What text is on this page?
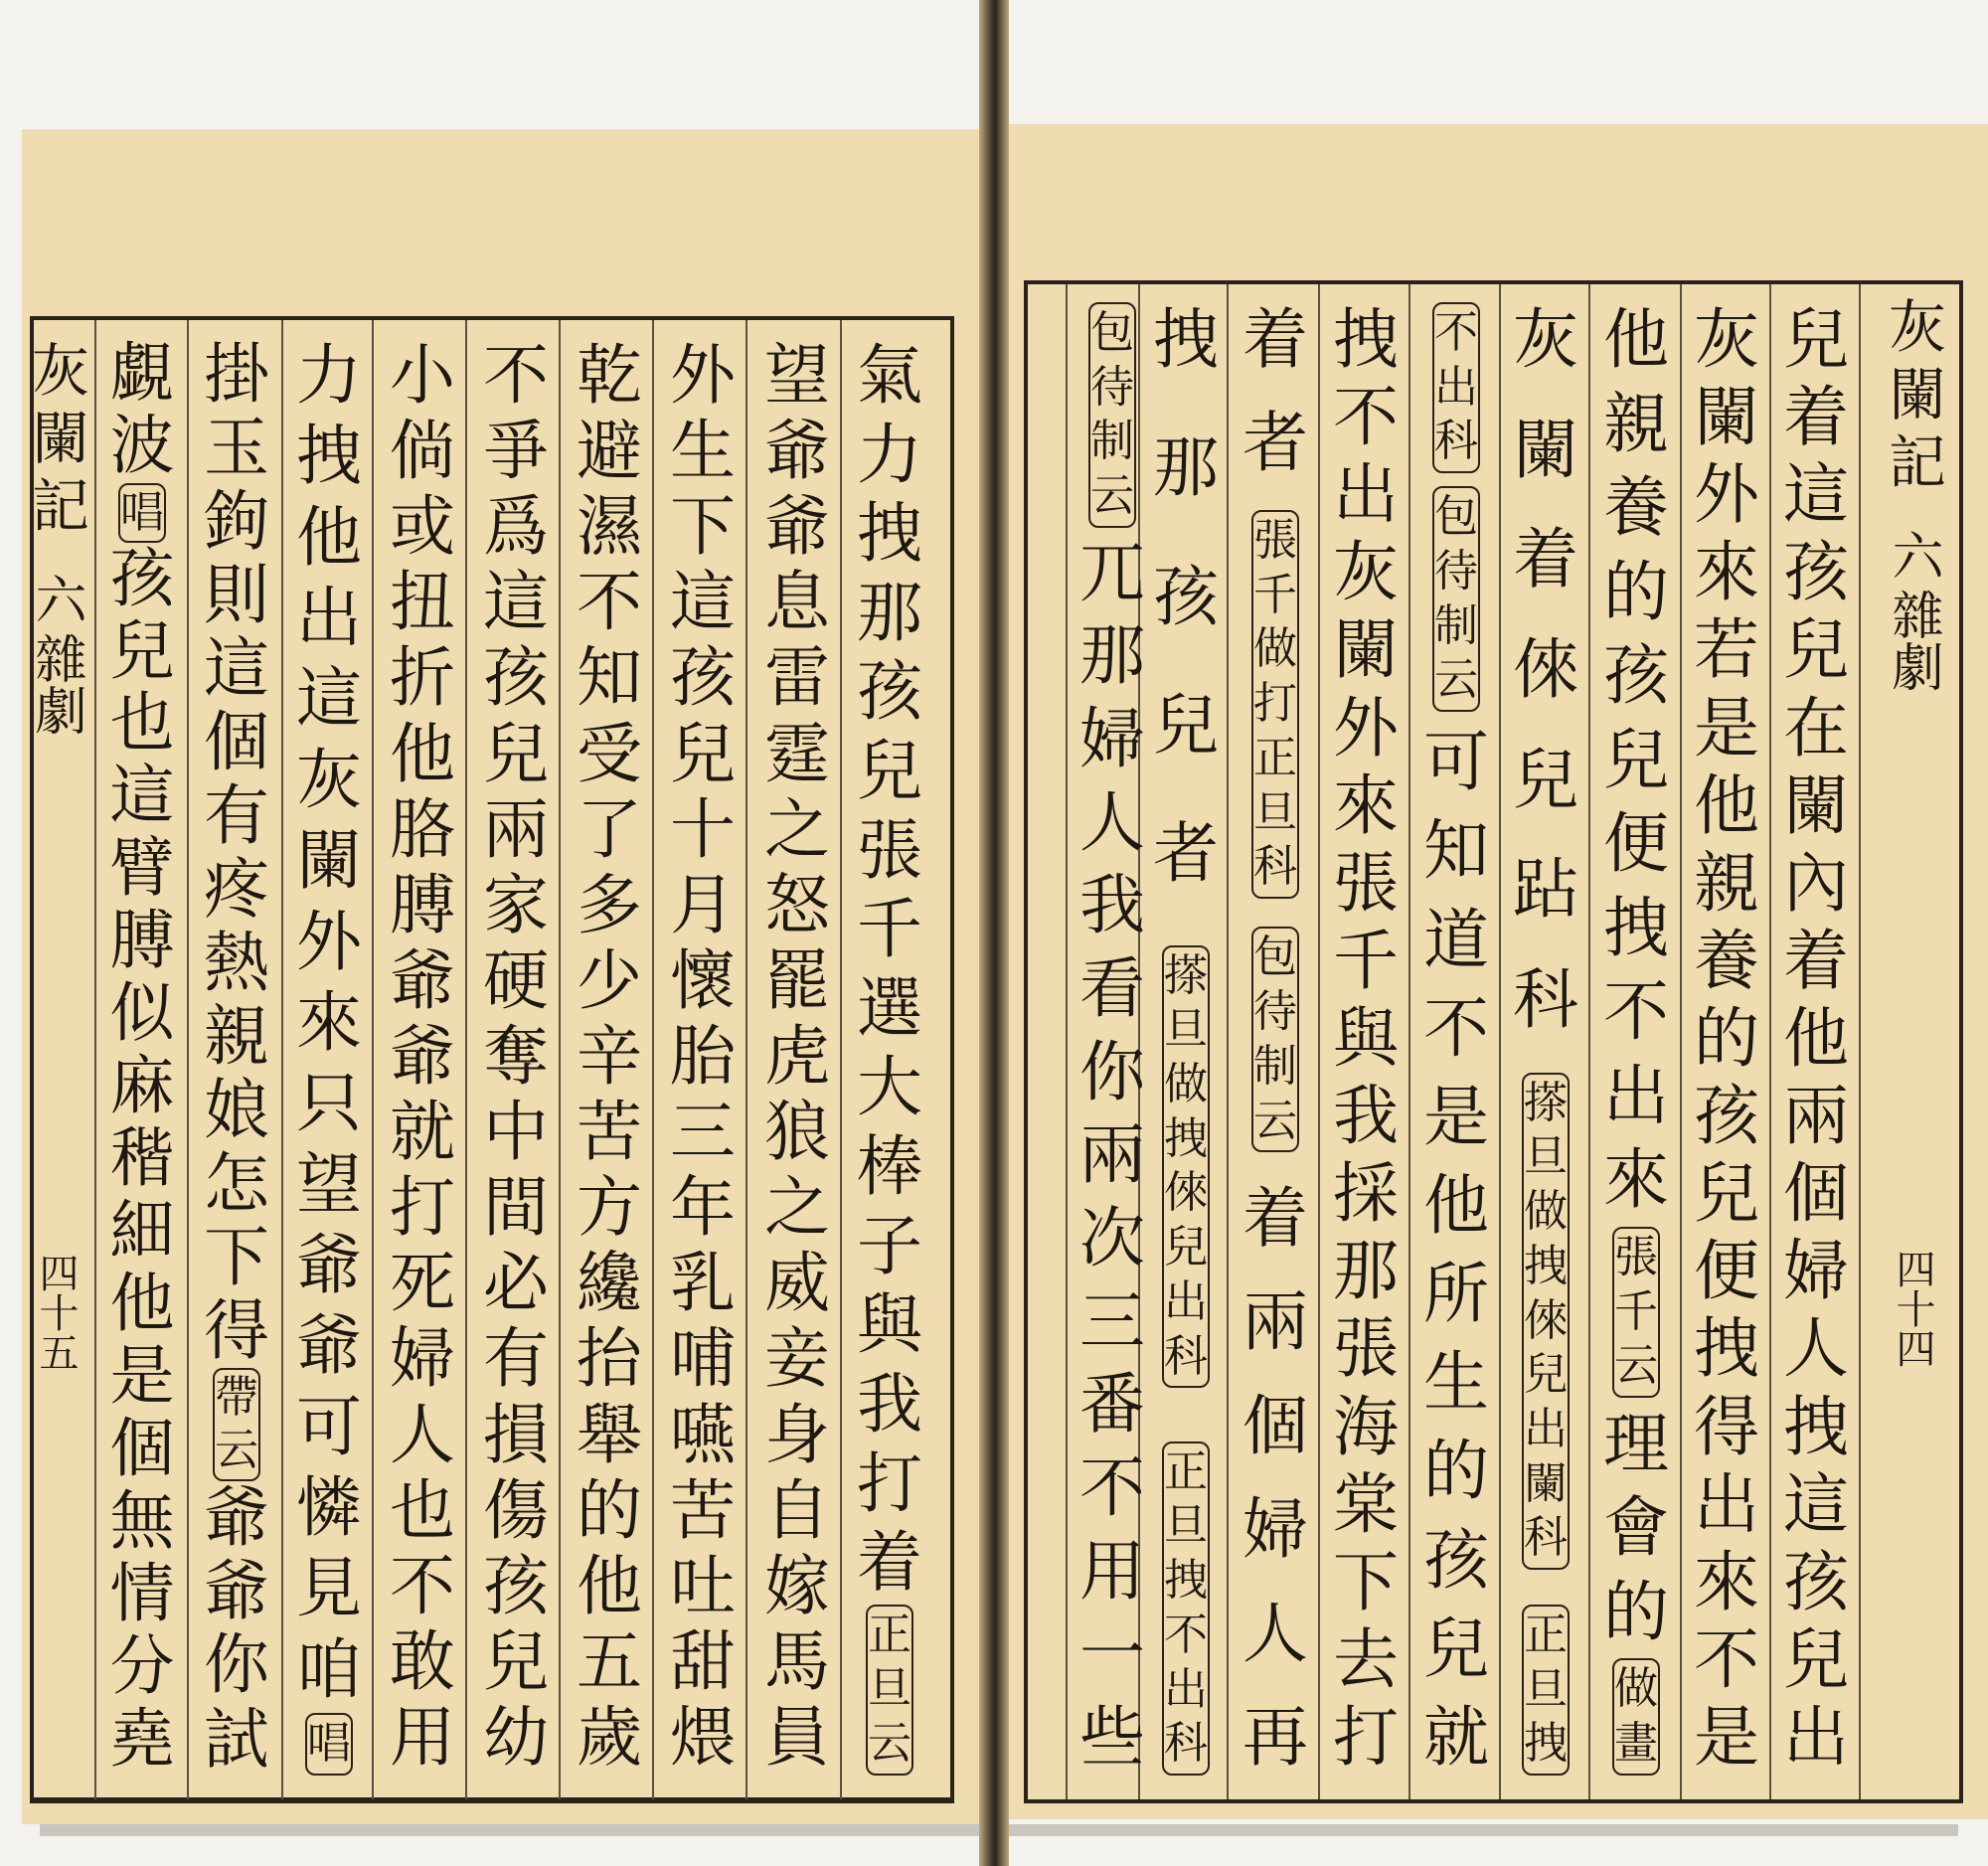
灰闌記
六
雜劇
四十五
氣
力
拽
那
孩
兒
張
千
選
大
棒
子
與
我
打
着
正
旦
云
望
爺
爺
息
雷
霆
之
怒
罷
虎
狼
之
威
妾
身
自
嫁
馬
員
外
生
下
這
孩
兒
十
月
懷
胎
三
年
乳
哺
嚥
苦
吐
甜
煨
乾
避
濕
不
知
受
了
多
少
辛
苦
方
纔
抬
舉
的
他
五
歲
不
爭
爲
這
孩
兒
兩
家
硬
奪
中
間
必
有
損
傷
孩
兒
幼
小
倘
或
扭
折
他
胳
膊
爺
爺
就
打
死
婦
人
也
不
敢
用
力
拽
他
出
這
灰
闌
外
來
只
望
爺
爺
可
憐
見
咱
唱
掛
玉
鉤
則
這
個
有
疼
熱
親
娘
怎
下
得
帶
云
爺
爺
你
試
覷
波
唱
孩
兒
也
這
臂
膊
似
麻
稭
細
他
是
個
無
情
分
堯
灰闌記
六
雜劇
四十四
兒
着
這
孩
兒
在
闌
內
着
他
兩
個
婦
人
拽
這
孩
兒
出
灰
闌
外
來
若
是
他
親
養
的
孩
兒
便
拽
得
出
來
不
是
他
親
養
的
孩
兒
便
拽
不
出
來
張
千
云
理
會
的
做
畫
灰
闌
着
倈
兒
跕
科
搽
旦
做
拽
倈
兒
出
闌
科
正
旦
拽
不
出
科
包
待
制
云
可
知
道
不
是
他
所
生
的
孩
兒
就
拽
不
出
灰
闌
外
來
張
千
與
我
採
那
張
海
棠
下
去
打
着
者
張
千
做
打
正
旦
科
包
待
制
云
着
兩
個
婦
人
再
拽
那
孩
兒
者
搽
旦
做
拽
倈
兒
出
科
正
旦
拽
不
出
科
包
待
制
云
兀
那
婦
人
我
看
你
兩
次
三
番
不
用
一
些
